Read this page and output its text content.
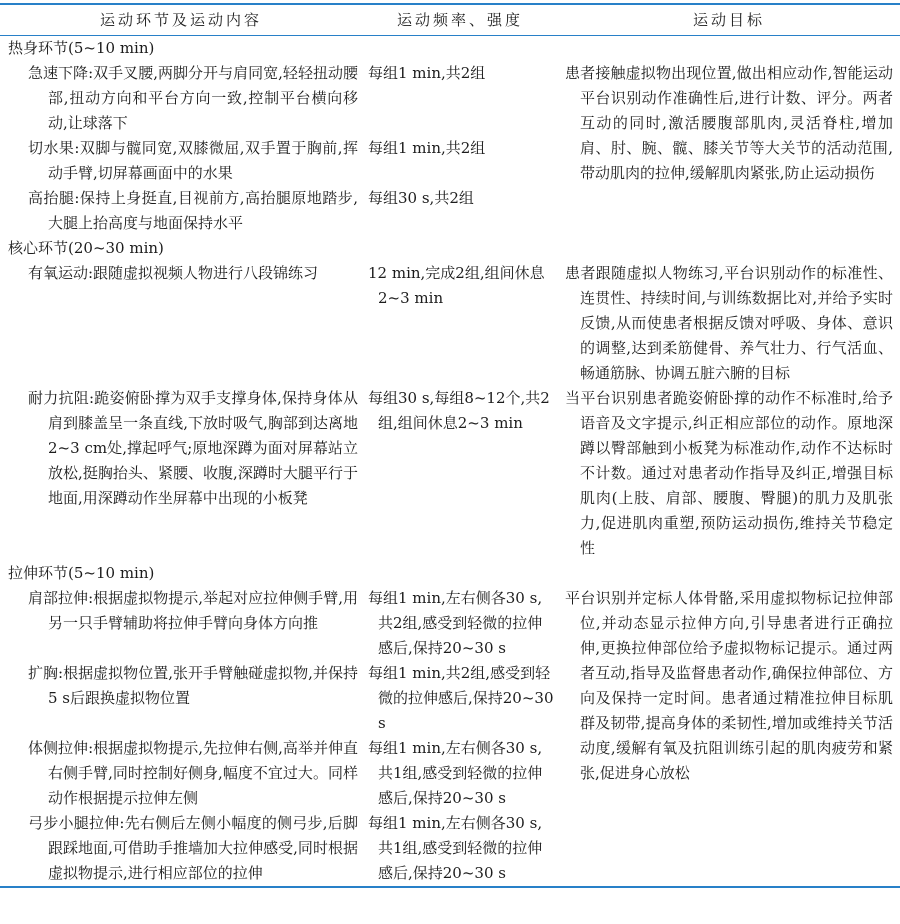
运动环节及运动内容	运动频率、强度	运动目标
热身环节(5~10 min)		

急速下降:双手叉腰,两脚分开与肩同宽,轻轻扭动腰部,扭动方向和平台方向一致,控制平台横向移动,让球落下	每组1 min,共2组	患者接触虚拟物出现位置,做出相应动作,智能运动平台识别动作准确性后,进行计数、评分。两者互动的同时,激活腰腹部肌肉,灵活脊柱,增加肩、肘、腕、髋、膝关节等大关节的活动范围,带动肌肉的拉伸,缓解肌肉紧张,防止运动损伤

切水果:双脚与髋同宽,双膝微屈,双手置于胸前,挥动手臂,切屏幕画面中的水果	每组1 min,共2组	

高抬腿:保持上身挺直,目视前方,高抬腿原地踏步,大腿上抬高度与地面保持水平	每组30 s,共2组	

核心环节(20~30 min)		

有氧运动:跟随虚拟视频人物进行八段锦练习	12 min,完成2组,组间休息2~3 min	患者跟随虚拟人物练习,平台识别动作的标准性、连贯性、持续时间,与训练数据比对,并给予实时反馈,从而使患者根据反馈对呼吸、身体、意识的调整,达到柔筋健骨、养气壮力、行气活血、畅通筋脉、协调五脏六腑的目标

耐力抗阻:跪姿俯卧撑为双手支撑身体,保持身体从肩到膝盖呈一条直线,下放时吸气,胸部到达离地2~3 cm处,撑起呼气;原地深蹲为面对屏幕站立放松,挺胸抬头、紧腰、收腹,深蹲时大腿平行于地面,用深蹲动作坐屏幕中出现的小板凳	每组30 s,每组8~12个,共2组,组间休息2~3 min	当平台识别患者跪姿俯卧撑的动作不标准时,给予语音及文字提示,纠正相应部位的动作。原地深蹲以臀部触到小板凳为标准动作,动作不达标时不计数。通过对患者动作指导及纠正,增强目标肌肉(上肢、肩部、腰腹、臀腿)的肌力及肌张力,促进肌肉重塑,预防运动损伤,维持关节稳定性

拉伸环节(5~10 min)		

肩部拉伸:根据虚拟物提示,举起对应拉伸侧手臂,用另一只手臂辅助将拉伸手臂向身体方向推	每组1 min,左右侧各30 s,共2组,感受到轻微的拉伸感后,保持20~30 s	平台识别并定标人体骨骼,采用虚拟物标记拉伸部位,并动态显示拉伸方向,引导患者进行正确拉伸,更换拉伸部位给予虚拟物标记提示。通过两者互动,指导及监督患者动作,确保拉伸部位、方向及保持一定时间。患者通过精准拉伸目标肌群及韧带,提高身体的柔韧性,增加或维持关节活动度,缓解有氧及抗阻训练引起的肌肉疲劳和紧张,促进身心放松

扩胸:根据虚拟物位置,张开手臂触碰虚拟物,并保持5 s后跟换虚拟物位置	每组1 min,共2组,感受到轻微的拉伸感后,保持20~30 s	

体侧拉伸:根据虚拟物提示,先拉伸右侧,高举并伸直右侧手臂,同时控制好侧身,幅度不宜过大。同样动作根据提示拉伸左侧	每组1 min,左右侧各30 s,共1组,感受到轻微的拉伸感后,保持20~30 s	

弓步小腿拉伸:先右侧后左侧小幅度的侧弓步,后脚跟踩地面,可借助手推墙加大拉伸感受,同时根据虚拟物提示,进行相应部位的拉伸	每组1 min,左右侧各30 s,共1组,感受到轻微的拉伸感后,保持20~30 s	
